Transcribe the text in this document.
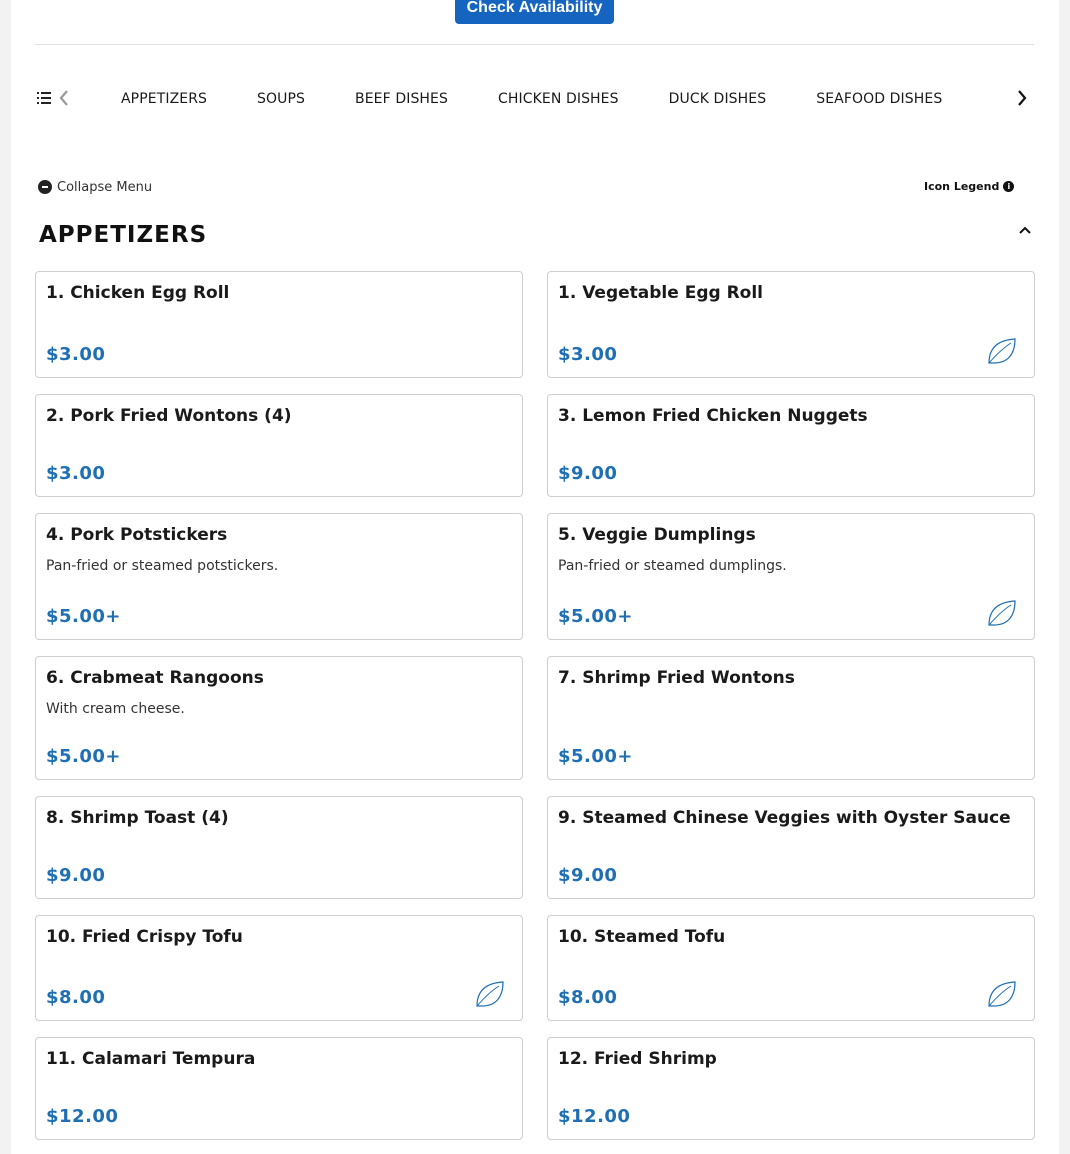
Check Availability
APPETIZERS	SOUPS	BEEF DISHES	CHICKEN DISHES	DUCK DISHES	SEAFOOD DISHES
Collapse Menu	Icon Legend	i
APPETIZERS
1. Chicken Egg Roll
$3.00
1. Vegetable Egg Roll
$3.00
2. Pork Fried Wontons (4)
$3.00
3. Lemon Fried Chicken Nuggets
$9.00
4. Pork Potstickers
Pan-fried or steamed potstickers.
$5.00+
5. Veggie Dumplings
Pan-fried or steamed dumplings.
$5.00+
6. Crabmeat Rangoons
With cream cheese.
$5.00+
7. Shrimp Fried Wontons
$5.00+
8. Shrimp Toast (4)
$9.00
9. Steamed Chinese Veggies with Oyster Sauce
$9.00
10. Fried Crispy Tofu
$8.00
10. Steamed Tofu
$8.00
11. Calamari Tempura
$12.00
12. Fried Shrimp
$12.00
